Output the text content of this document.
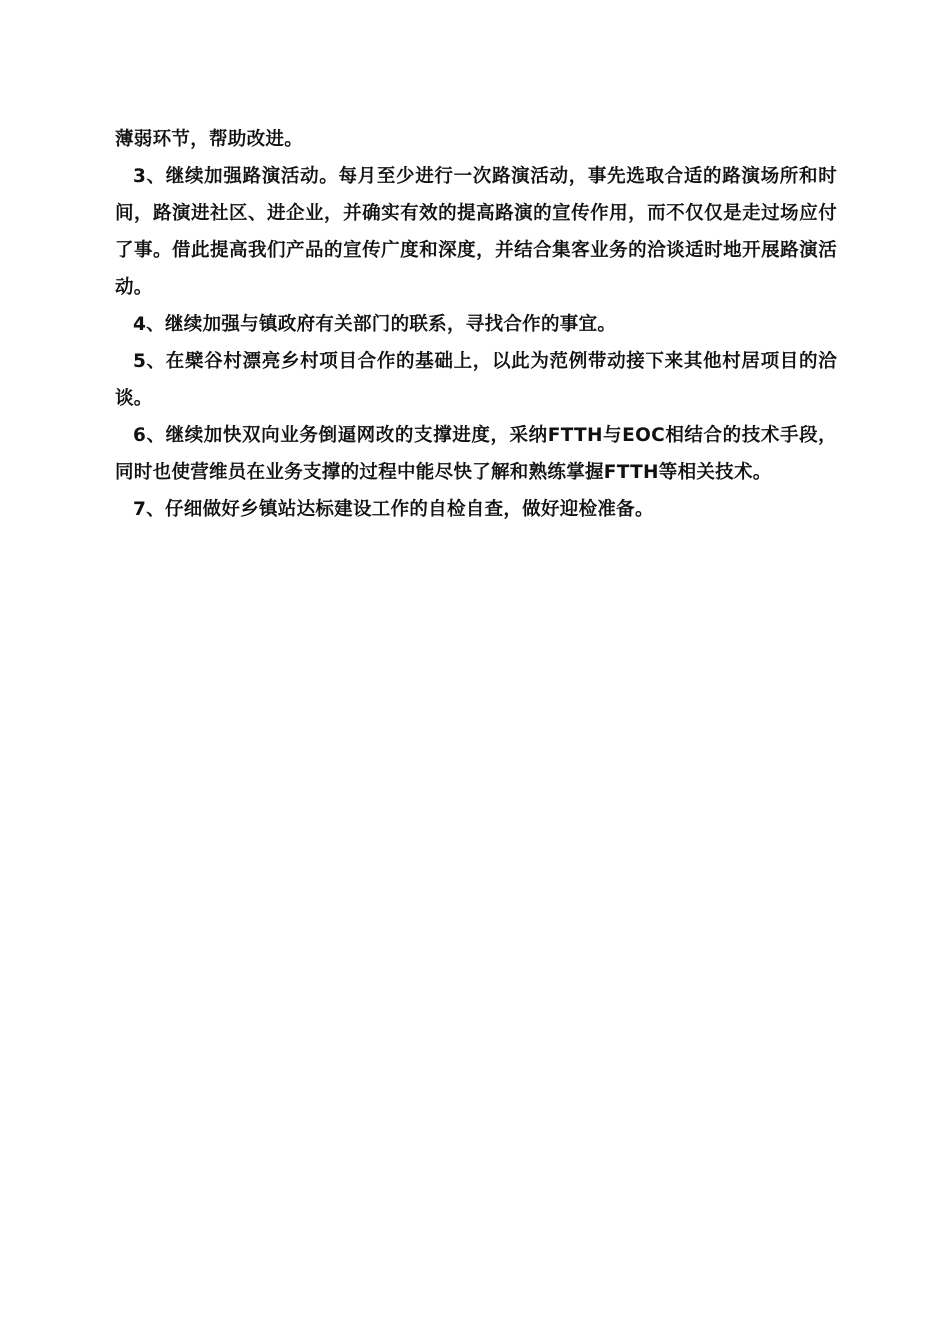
薄弱环节，帮助改进。

3、继续加强路演活动。每月至少进行一次路演活动，事先选取合适的路演场所和时间，路演进社区、进企业，并确实有效的提高路演的宣传作用，而不仅仅是走过场应付了事。借此提高我们产品的宣传广度和深度，并结合集客业务的洽谈适时地开展路演活动。

4、继续加强与镇政府有关部门的联系，寻找合作的事宜。

5、在檗谷村漂亮乡村项目合作的基础上，以此为范例带动接下来其他村居项目的洽谈。

6、继续加快双向业务倒逼网改的支撑进度，采纳FTTH与EOC相结合的技术手段，同时也使营维员在业务支撑的过程中能尽快了解和熟练掌握FTTH等相关技术。

7、仔细做好乡镇站达标建设工作的自检自查，做好迎检准备。
